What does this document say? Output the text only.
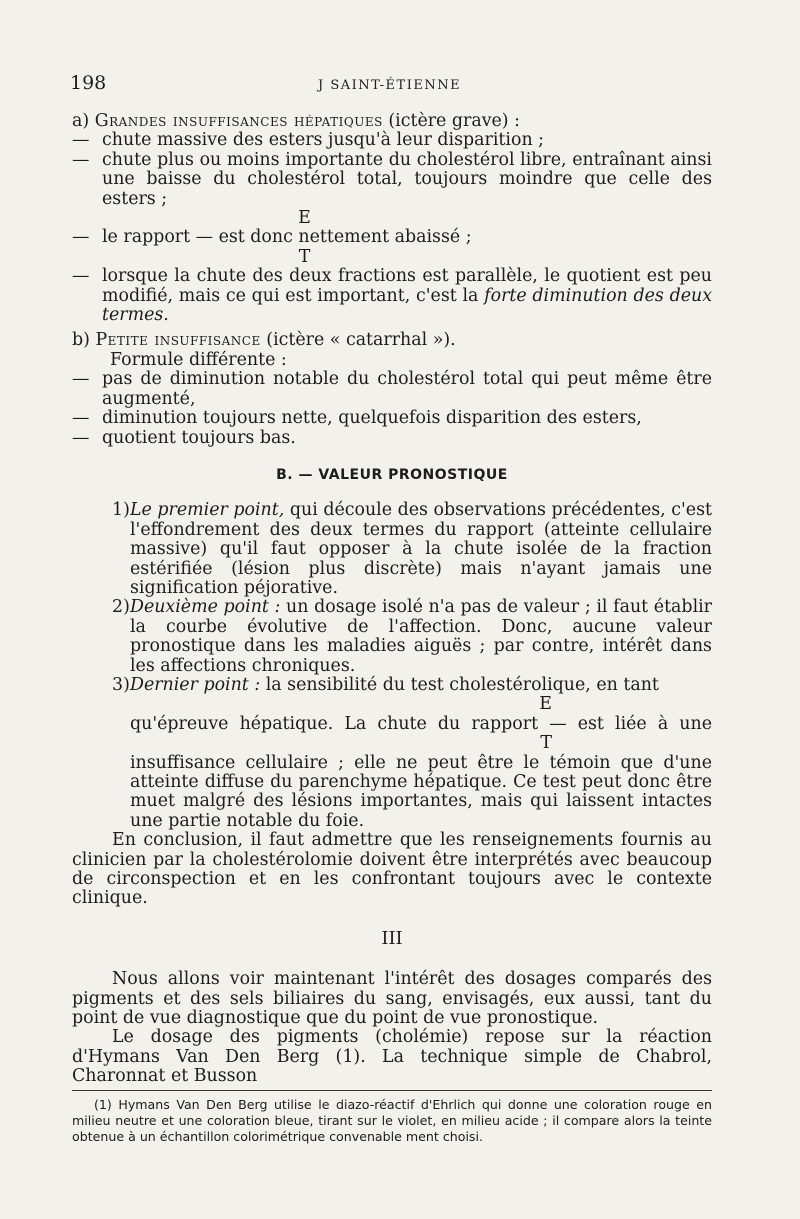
198	J SAINT-ÉTIENNE

a) Grandes insuffisances hépatiques (ictère grave) :

— chute massive des esters jusqu'à leur disparition ;
— chute plus ou moins importante du cholestérol libre, entraînant ainsi une baisse du cholestérol total, toujours moindre que celle des esters ;
E
— le rapport — est donc nettement abaissé ;
T
— lorsque la chute des deux fractions est parallèle, le quotient est peu modifié, mais ce qui est important, c'est la forte diminution des deux termes.

b) Petite insuffisance (ictère « catarrhal »).

Formule différente :

— pas de diminution notable du cholestérol total qui peut même être augmenté,
— diminution toujours nette, quelquefois disparition des esters,
— quotient toujours bas.

B. — VALEUR PRONOSTIQUE

1) Le premier point, qui découle des observations précédentes, c'est l'effondrement des deux termes du rapport (atteinte cellulaire massive) qu'il faut opposer à la chute isolée de la fraction estérifiée (lésion plus discrète) mais n'ayant jamais une signification péjorative.
2) Deuxième point : un dosage isolé n'a pas de valeur ; il faut établir la courbe évolutive de l'affection. Donc, aucune valeur pronostique dans les maladies aiguës ; par contre, intérêt dans les affections chroniques.
3) Dernier point : la sensibilité du test cholestérolique, en tant
E
qu'épreuve hépatique. La chute du rapport — est liée à une
T
insuffisance cellulaire ; elle ne peut être le témoin que d'une atteinte diffuse du parenchyme hépatique. Ce test peut donc être muet malgré des lésions importantes, mais qui laissent intactes une partie notable du foie.

En conclusion, il faut admettre que les renseignements fournis au clinicien par la cholestérolomie doivent être interprétés avec beaucoup de circonspection et en les confrontant toujours avec le contexte clinique.

III

Nous allons voir maintenant l'intérêt des dosages comparés des pigments et des sels biliaires du sang, envisagés, eux aussi, tant du point de vue diagnostique que du point de vue pronostique.

Le dosage des pigments (cholémie) repose sur la réaction d'Hymans Van Den Berg (1). La technique simple de Chabrol, Charonnat et Busson

(1) Hymans Van Den Berg utilise le diazo-réactif d'Ehrlich qui donne une coloration rouge en milieu neutre et une coloration bleue, tirant sur le violet, en milieu acide ; il compare alors la teinte obtenue à un échantillon colorimétrique convenable ment choisi.
